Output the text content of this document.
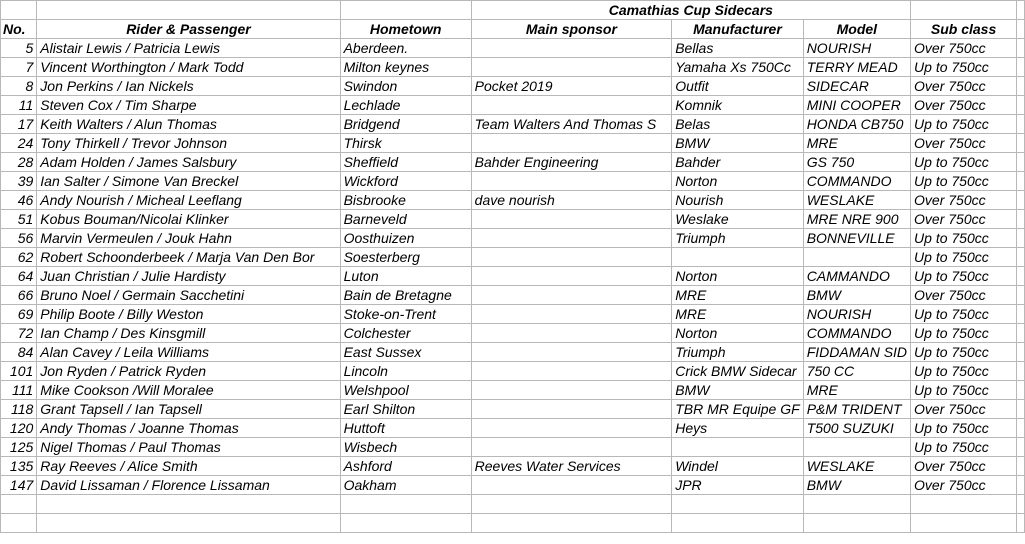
			Camathias Cup Sidecars				
No.	Rider & Passenger	Hometown	Main sponsor	Manufacturer	Model	Sub class	
5	Alistair Lewis / Patricia Lewis	Aberdeen.		Bellas	NOURISH	Over 750cc	
7	Vincent Worthington / Mark Todd	Milton keynes		Yamaha Xs 750Cc	TERRY MEAD	Up to 750cc	
8	Jon Perkins / Ian Nickels	Swindon	Pocket 2019	Outfit	SIDECAR	Over 750cc	
11	Steven Cox / Tim Sharpe	Lechlade		Komnik	MINI COOPER	Over 750cc	
17	Keith Walters / Alun Thomas	Bridgend	Team Walters And Thomas S	Belas	HONDA CB750	Up to 750cc	
24	Tony Thirkell / Trevor Johnson	Thirsk		BMW	MRE	Over 750cc	
28	Adam Holden / James Salsbury	Sheffield	Bahder Engineering	Bahder	GS 750	Up to 750cc	
39	Ian Salter / Simone Van Breckel	Wickford		Norton	COMMANDO	Up to 750cc	
46	Andy Nourish / Micheal Leeflang	Bisbrooke	dave nourish	Nourish	WESLAKE	Over 750cc	
51	Kobus Bouman/Nicolai Klinker	Barneveld		Weslake	MRE NRE 900	Over 750cc	
56	Marvin Vermeulen / Jouk Hahn	Oosthuizen		Triumph	BONNEVILLE	Up to 750cc	
62	Robert Schoonderbeek / Marja Van Den Bor	Soesterberg				Up to 750cc	
64	Juan Christian / Julie Hardisty	Luton		Norton	CAMMANDO	Up to 750cc	
66	Bruno Noel / Germain Sacchetini	Bain de Bretagne		MRE	BMW	Over 750cc	
69	Philip Boote / Billy Weston	Stoke-on-Trent		MRE	NOURISH	Up to 750cc	
72	Ian Champ / Des Kinsgmill	Colchester		Norton	COMMANDO	Up to 750cc	
84	Alan Cavey / Leila Williams	East Sussex		Triumph	FIDDAMAN SID	Up to 750cc	
101	Jon Ryden / Patrick Ryden	Lincoln		Crick BMW Sidecar	750 CC	Up to 750cc	
111	Mike Cookson /Will Moralee	Welshpool		BMW	MRE	Up to 750cc	
118	Grant Tapsell / Ian Tapsell	Earl Shilton		TBR MR Equipe GF	P&M TRIDENT	Over 750cc	
120	Andy Thomas / Joanne Thomas	Huttoft		Heys	T500 SUZUKI	Up to 750cc	
125	Nigel Thomas / Paul Thomas	Wisbech				Up to 750cc	
135	Ray Reeves / Alice Smith	Ashford	Reeves Water Services	Windel	WESLAKE	Over 750cc	
147	David Lissaman / Florence Lissaman	Oakham		JPR	BMW	Over 750cc	
